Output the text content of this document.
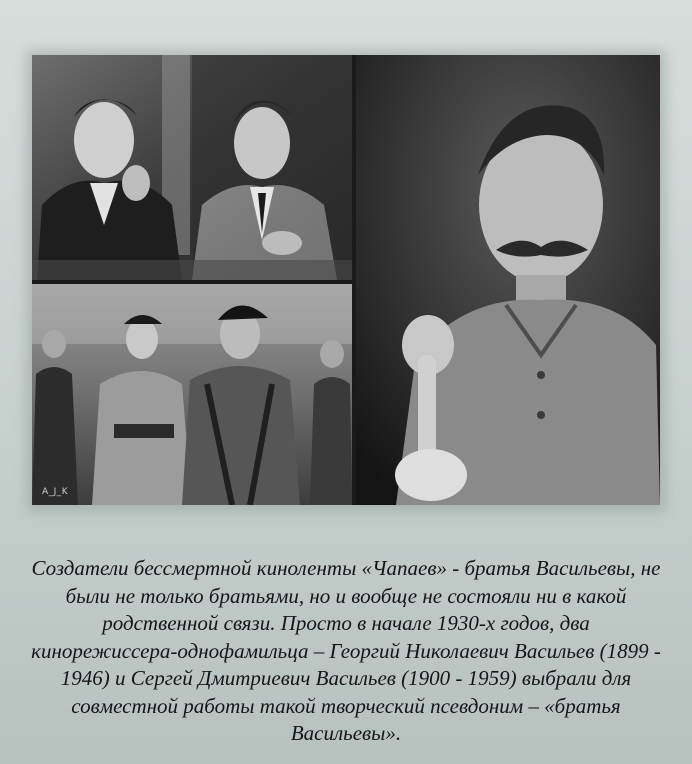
A_J_K

Создатели бессмертной киноленты «Чапаев» - братья Васильевы, не были не только братьями, но и вообще не состояли ни в какой родственной связи. Просто в начале 1930-х годов, два кинорежиссера-однофамильца – Георгий Николаевич Васильев (1899 - 1946) и Сергей Дмитриевич Васильев (1900 - 1959) выбрали для совместной работы такой творческий псевдоним – «братья Васильевы».
